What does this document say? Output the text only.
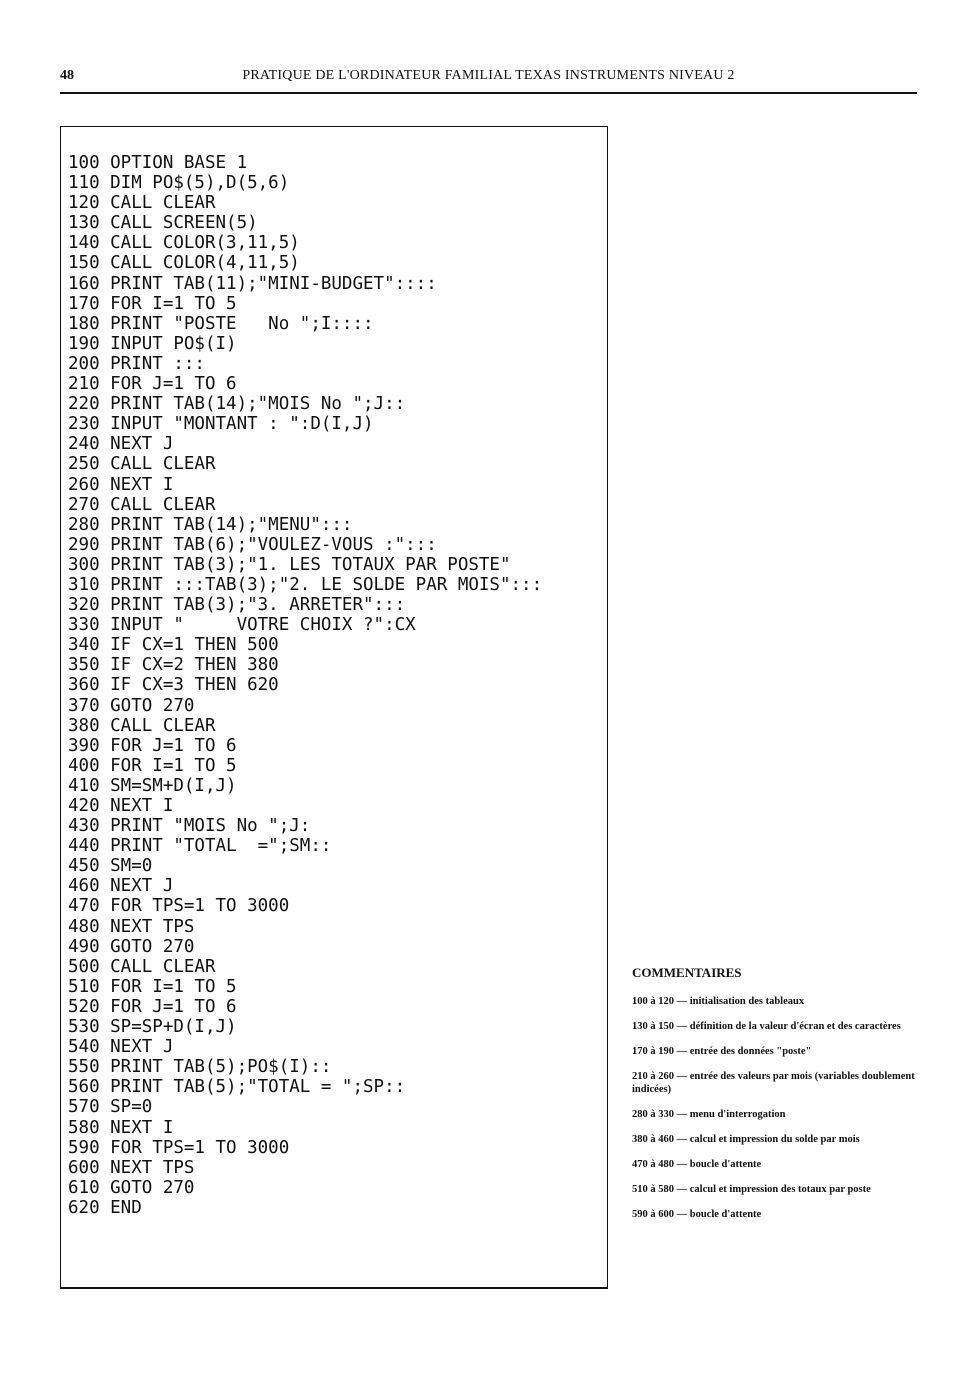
48	PRATIQUE DE L'ORDINATEUR FAMILIAL TEXAS INSTRUMENTS NIVEAU 2
100 OPTION BASE 1
110 DIM PO$(5),D(5,6)
120 CALL CLEAR
130 CALL SCREEN(5)
140 CALL COLOR(3,11,5)
150 CALL COLOR(4,11,5)
160 PRINT TAB(11);"MINI-BUDGET"::::
170 FOR I=1 TO 5
180 PRINT "POSTE   No ";I::::
190 INPUT PO$(I)
200 PRINT :::
210 FOR J=1 TO 6
220 PRINT TAB(14);"MOIS No ";J::
230 INPUT "MONTANT : ":D(I,J)
240 NEXT J
250 CALL CLEAR
260 NEXT I
270 CALL CLEAR
280 PRINT TAB(14);"MENU":::
290 PRINT TAB(6);"VOULEZ-VOUS :":::
300 PRINT TAB(3);"1. LES TOTAUX PAR POSTE"
310 PRINT :::TAB(3);"2. LE SOLDE PAR MOIS":::
320 PRINT TAB(3);"3. ARRETER":::
330 INPUT "     VOTRE CHOIX ?":CX
340 IF CX=1 THEN 500
350 IF CX=2 THEN 380
360 IF CX=3 THEN 620
370 GOTO 270
380 CALL CLEAR
390 FOR J=1 TO 6
400 FOR I=1 TO 5
410 SM=SM+D(I,J)
420 NEXT I
430 PRINT "MOIS No ";J:
440 PRINT "TOTAL  =";SM::
450 SM=0
460 NEXT J
470 FOR TPS=1 TO 3000
480 NEXT TPS
490 GOTO 270
500 CALL CLEAR
510 FOR I=1 TO 5
520 FOR J=1 TO 6
530 SP=SP+D(I,J)
540 NEXT J
550 PRINT TAB(5);PO$(I)::
560 PRINT TAB(5);"TOTAL = ";SP::
570 SP=0
580 NEXT I
590 FOR TPS=1 TO 3000
600 NEXT TPS
610 GOTO 270
620 END
COMMENTAIRES

100 à 120 — initialisation des tableaux

130 à 150 — définition de la valeur d'écran et des caractères

170 à 190 — entrée des données "poste"

210 à 260 — entrée des valeurs par mois (variables doublement indicées)

280 à 330 — menu d'interrogation

380 à 460 — calcul et impression du solde par mois

470 à 480 — boucle d'attente

510 à 580 — calcul et impression des totaux par poste

590 à 600 — boucle d'attente
